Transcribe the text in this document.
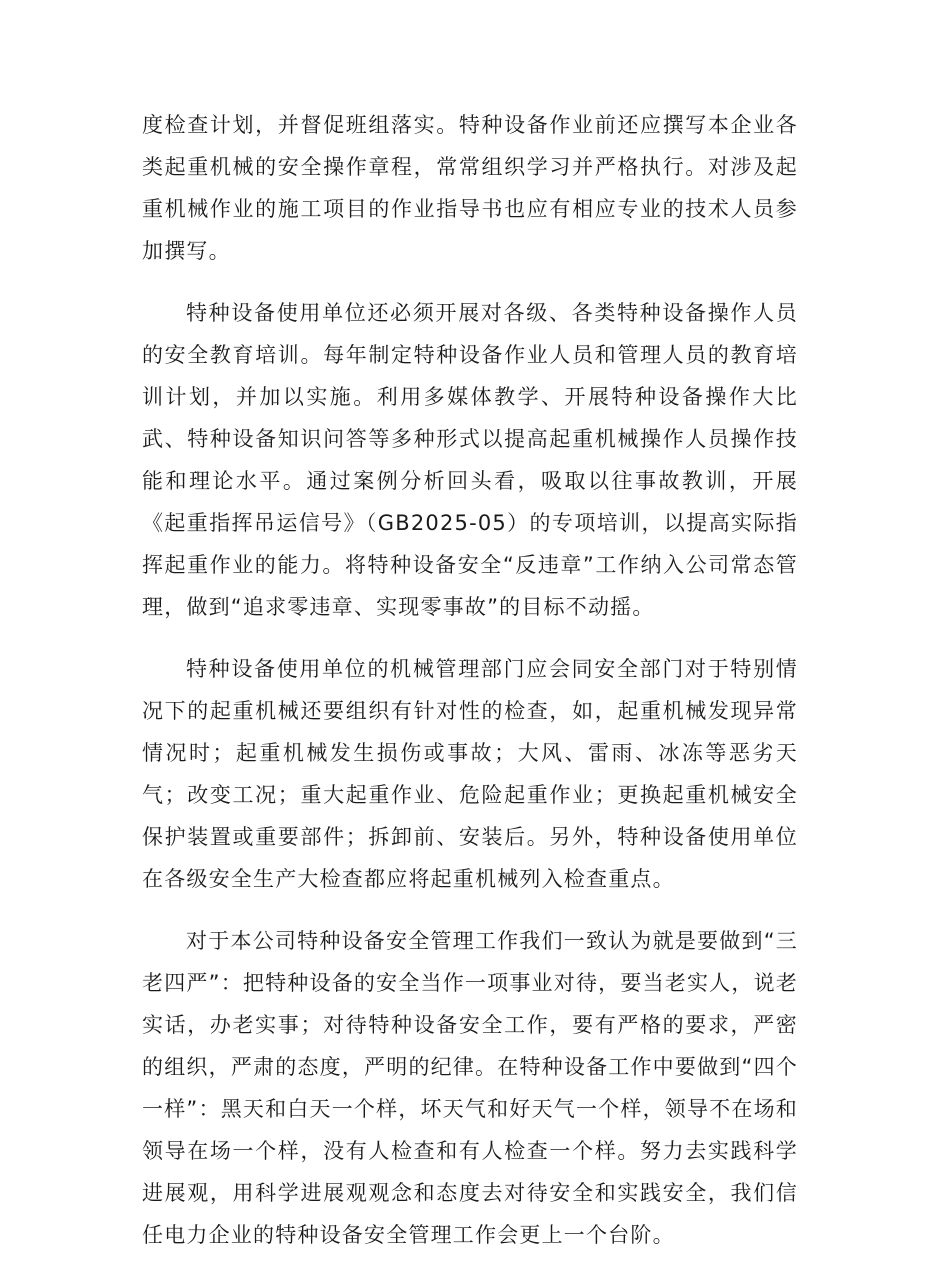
度检查计划，并督促班组落实。特种设备作业前还应撰写本企业各类起重机械的安全操作章程，常常组织学习并严格执行。对涉及起重机械作业的施工项目的作业指导书也应有相应专业的技术人员参加撰写。

特种设备使用单位还必须开展对各级、各类特种设备操作人员的安全教育培训。每年制定特种设备作业人员和管理人员的教育培训计划，并加以实施。利用多媒体教学、开展特种设备操作大比武、特种设备知识问答等多种形式以提高起重机械操作人员操作技能和理论水平。通过案例分析回头看，吸取以往事故教训，开展《起重指挥吊运信号》（GB2025-05）的专项培训，以提高实际指挥起重作业的能力。将特种设备安全“反违章”工作纳入公司常态管理，做到“追求零违章、实现零事故”的目标不动摇。

特种设备使用单位的机械管理部门应会同安全部门对于特别情况下的起重机械还要组织有针对性的检查，如，起重机械发现异常情况时；起重机械发生损伤或事故；大风、雷雨、冰冻等恶劣天气；改变工况；重大起重作业、危险起重作业；更换起重机械安全保护装置或重要部件；拆卸前、安装后。另外，特种设备使用单位在各级安全生产大检查都应将起重机械列入检查重点。

对于本公司特种设备安全管理工作我们一致认为就是要做到“三老四严”：把特种设备的安全当作一项事业对待，要当老实人，说老实话，办老实事；对待特种设备安全工作，要有严格的要求，严密的组织，严肃的态度，严明的纪律。在特种设备工作中要做到“四个一样”：黑天和白天一个样，坏天气和好天气一个样，领导不在场和领导在场一个样，没有人检查和有人检查一个样。努力去实践科学进展观，用科学进展观观念和态度去对待安全和实践安全，我们信任电力企业的特种设备安全管理工作会更上一个台阶。
